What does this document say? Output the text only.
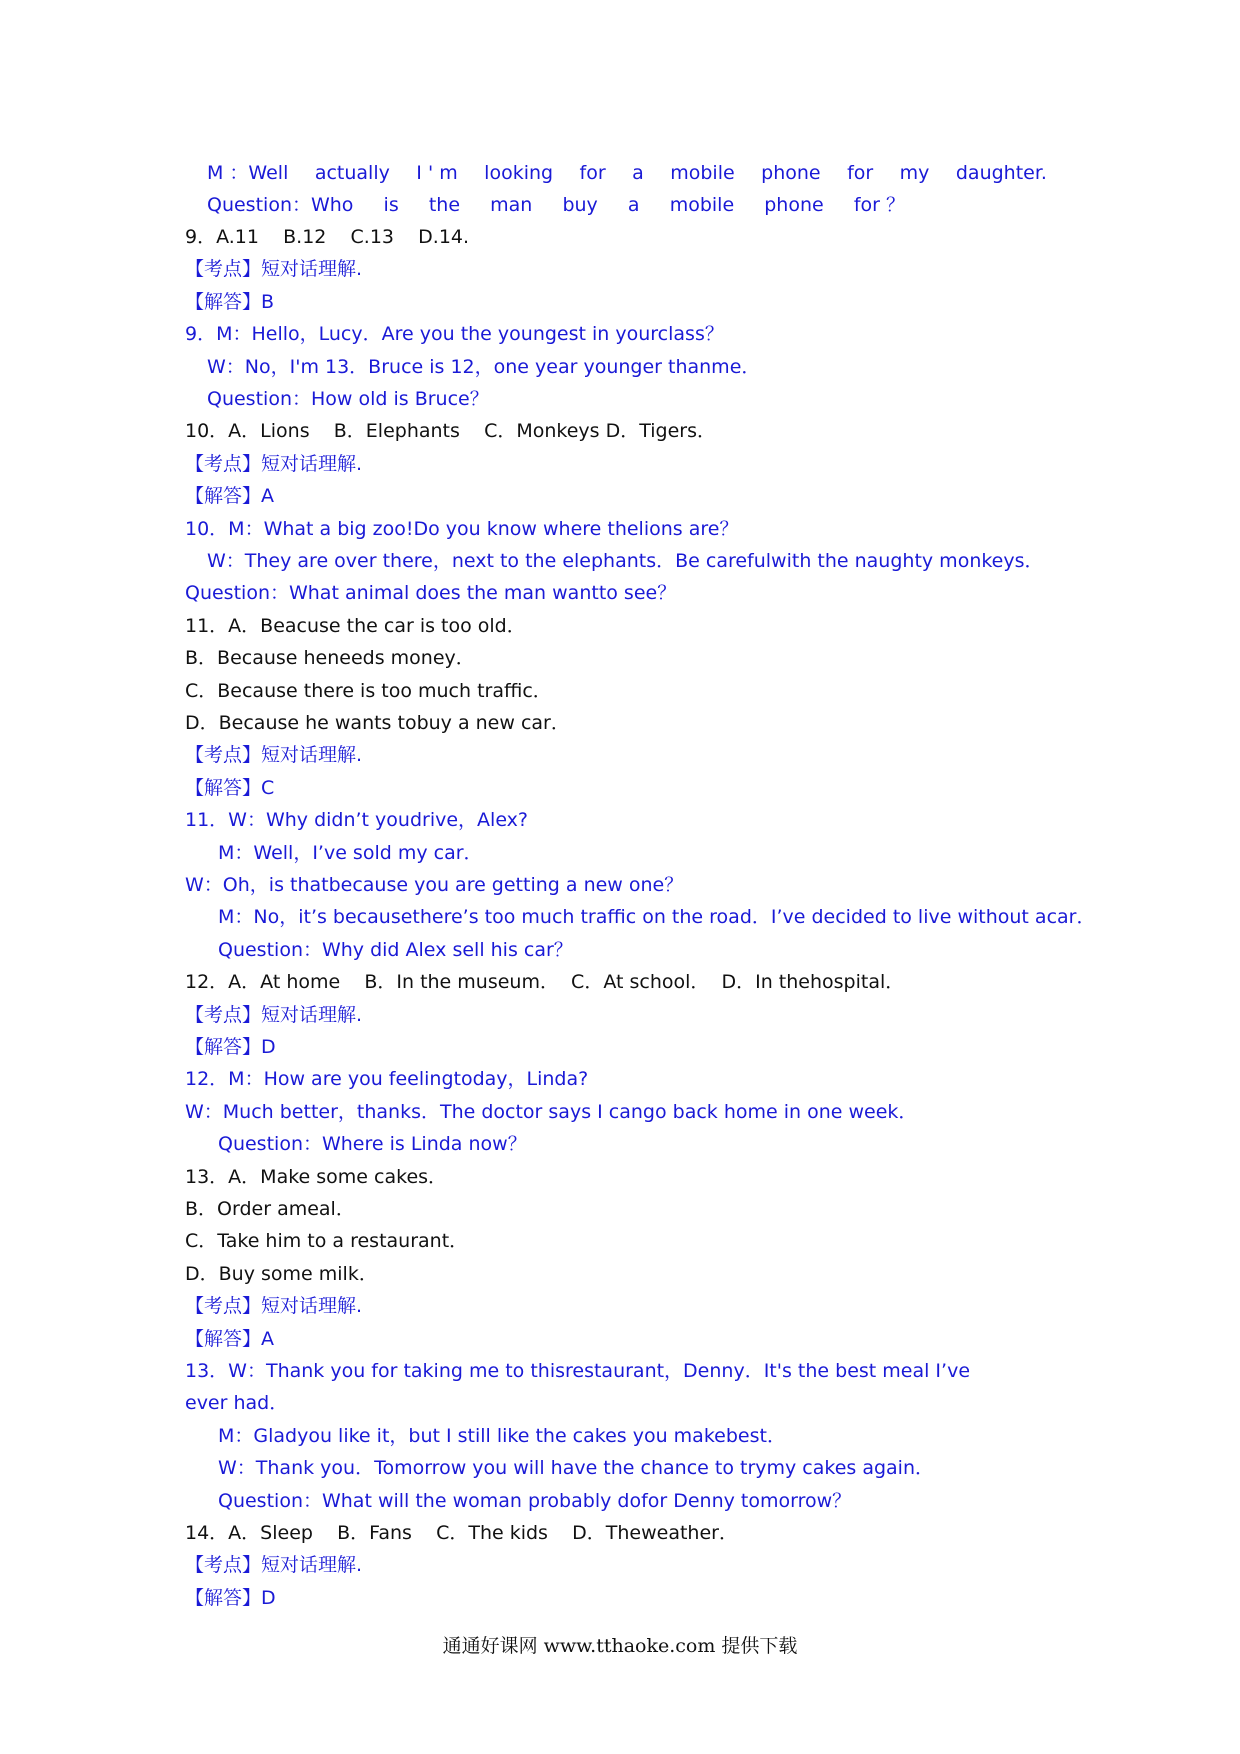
M ：Well actually I ' m looking for a mobile phone for my daughter.
Question：Who is the man buy a mobile phone for ？
9．A.11    B.12    C.13    D.14.
【考点】短对话理解.
【解答】B
9．M：Hello，Lucy．Are you the youngest in yourclass？
W：No，I'm 13．Bruce is 12，one year younger thanme．
Question：How old is Bruce？
10．A．Lions    B．Elephants    C．Monkeys D．Tigers．
【考点】短对话理解.
【解答】A
10．M：What a big zoo!Do you know where thelions are？
W：They are over there，next to the elephants．Be carefulwith the naughty monkeys．
Question：What animal does the man wantto see？
11．A．Beacuse the car is too old．
B．Because heneeds money．
C．Because there is too much traffic．
D．Because he wants tobuy a new car．
【考点】短对话理解.
【解答】C
11．W：Why didn’t youdrive，Alex?
M：Well，I’ve sold my car．
W：Oh，is thatbecause you are getting a new one？
M：No，it’s becausethere’s too much traffic on the road．I’ve decided to live without acar．
Question：Why did Alex sell his car？
12．A．At home    B．In the museum．  C．At school．  D．In thehospital．
【考点】短对话理解.
【解答】D
12．M：How are you feelingtoday，Linda?
W：Much better，thanks．The doctor says I cango back home in one week．
Question：Where is Linda now？
13．A．Make some cakes．
B．Order ameal．
C．Take him to a restaurant．
D．Buy some milk．
【考点】短对话理解.
【解答】A
13．W：Thank you for taking me to thisrestaurant，Denny．It's the best meal I’ve
ever had．
M：Gladyou like it，but I still like the cakes you makebest．
W：Thank you．Tomorrow you will have the chance to trymy cakes again．
Question：What will the woman probably dofor Denny tomorrow？
14．A．Sleep    B．Fans    C．The kids    D．Theweather．
【考点】短对话理解.
【解答】D
通通好课网 www.tthaoke.com 提供下载
